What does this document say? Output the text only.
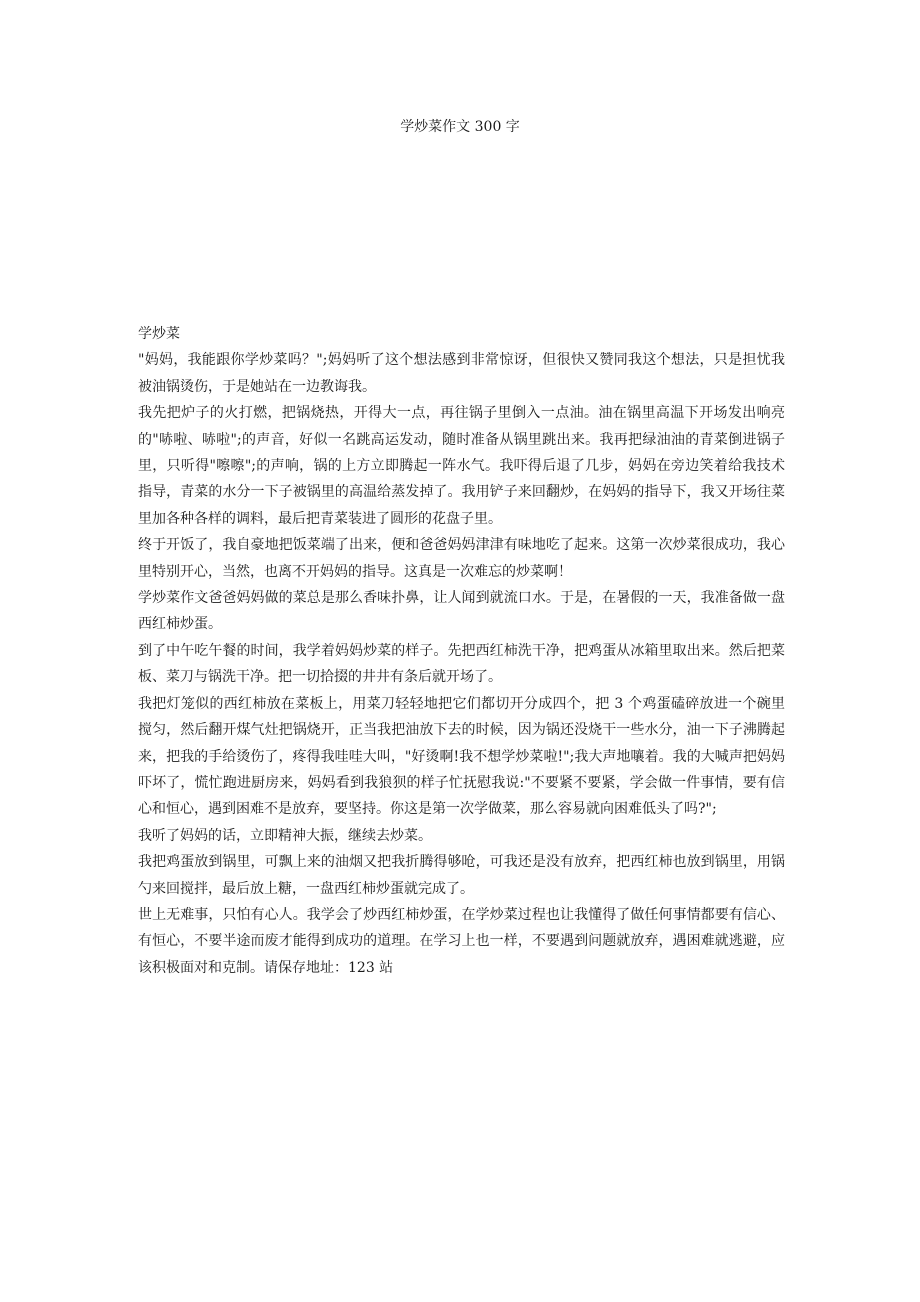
学炒菜作文 300 字

学炒菜

"妈妈，我能跟你学炒菜吗？";妈妈听了这个想法感到非常惊讶，但很快又赞同我这个想法，只是担忧我被油锅烫伤，于是她站在一边教诲我。

我先把炉子的火打燃，把锅烧热，开得大一点，再往锅子里倒入一点油。油在锅里高温下开场发出响亮的"哧啦、哧啦";的声音，好似一名跳高运发动，随时准备从锅里跳出来。我再把绿油油的青菜倒进锅子里，只听得"嚓嚓";的声响，锅的上方立即腾起一阵水气。我吓得后退了几步，妈妈在旁边笑着给我技术指导，青菜的水分一下子被锅里的高温给蒸发掉了。我用铲子来回翻炒，在妈妈的指导下，我又开场往菜里加各种各样的调料，最后把青菜装进了圆形的花盘子里。

终于开饭了，我自豪地把饭菜端了出来，便和爸爸妈妈津津有味地吃了起来。这第一次炒菜很成功，我心里特别开心，当然，也离不开妈妈的指导。这真是一次难忘的炒菜啊！

学炒菜作文爸爸妈妈做的菜总是那么香味扑鼻，让人闻到就流口水。于是，在暑假的一天，我准备做一盘西红柿炒蛋。

到了中午吃午餐的时间，我学着妈妈炒菜的样子。先把西红柿洗干净，把鸡蛋从冰箱里取出来。然后把菜板、菜刀与锅洗干净。把一切拾掇的井井有条后就开场了。

我把灯笼似的西红柿放在菜板上，用菜刀轻轻地把它们都切开分成四个，把 3 个鸡蛋磕碎放进一个碗里搅匀，然后翻开煤气灶把锅烧开，正当我把油放下去的时候，因为锅还没烧干一些水分，油一下子沸腾起来，把我的手给烫伤了，疼得我哇哇大叫，"好烫啊!我不想学炒菜啦!";我大声地嚷着。我的大喊声把妈妈吓坏了，慌忙跑进厨房来，妈妈看到我狼狈的样子忙抚慰我说:"不要紧不要紧，学会做一件事情，要有信心和恒心，遇到困难不是放弃，要坚持。你这是第一次学做菜，那么容易就向困难低头了吗?";

我听了妈妈的话，立即精神大振，继续去炒菜。

我把鸡蛋放到锅里，可飘上来的油烟又把我折腾得够呛，可我还是没有放弃，把西红柿也放到锅里，用锅勺来回搅拌，最后放上糖，一盘西红柿炒蛋就完成了。

世上无难事，只怕有心人。我学会了炒西红柿炒蛋，在学炒菜过程也让我懂得了做任何事情都要有信心、有恒心，不要半途而废才能得到成功的道理。在学习上也一样，不要遇到问题就放弃，遇困难就逃避，应该积极面对和克制。请保存地址：123 站
